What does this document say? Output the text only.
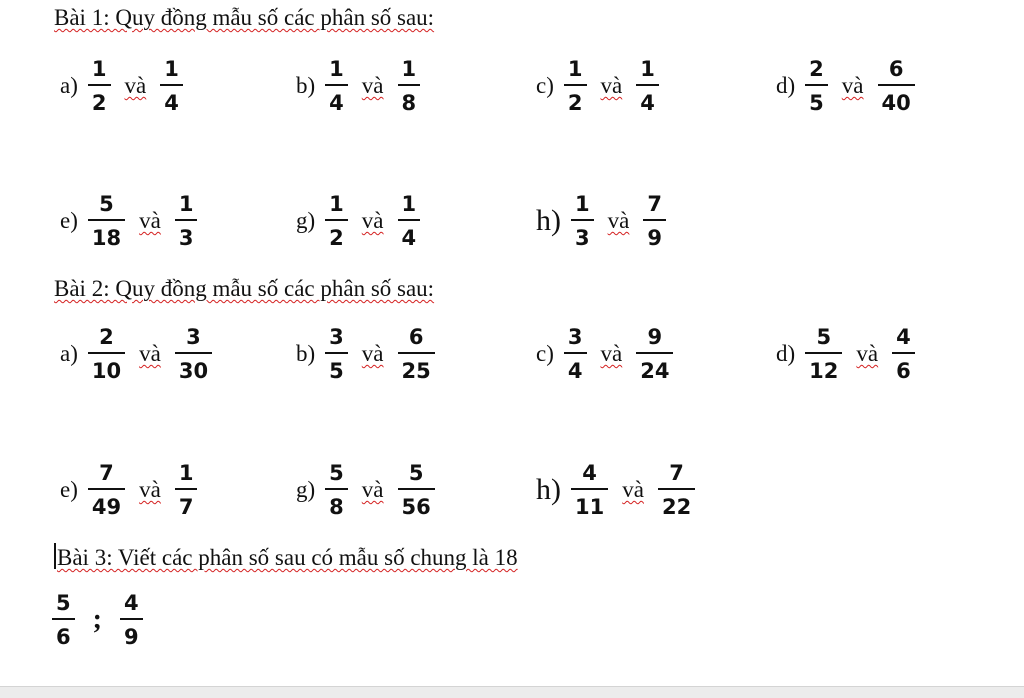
Bài 1: Quy đồng mẫu số các phân số sau:
$a) \frac{1}{2}$ và $\frac{1}{4}$	$b) \frac{1}{4}$ và $\frac{1}{8}$	$c) \frac{1}{2}$ và $\frac{1}{4}$	$d) \frac{2}{5}$ và $\frac{6}{40}$
$e) \frac{5}{18}$ và $\frac{1}{3}$	$g) \frac{1}{2}$ và $\frac{1}{4}$	$h) \frac{1}{3}$ và $\frac{7}{9}$
Bài 2: Quy đồng mẫu số các phân số sau:
$a) \frac{2}{10}$ và $\frac{3}{30}$	$b) \frac{3}{5}$ và $\frac{6}{25}$	$c) \frac{3}{4}$ và $\frac{9}{24}$	$d) \frac{5}{12}$ và $\frac{4}{6}$
$e) \frac{7}{49}$ và $\frac{1}{7}$	$g) \frac{5}{8}$ và $\frac{5}{56}$	$h) \frac{4}{11}$ và $\frac{7}{22}$
Bài 3: Viết các phân số sau có mẫu số chung là 18
$\frac{5}{6}$ ; $\frac{4}{9}$
